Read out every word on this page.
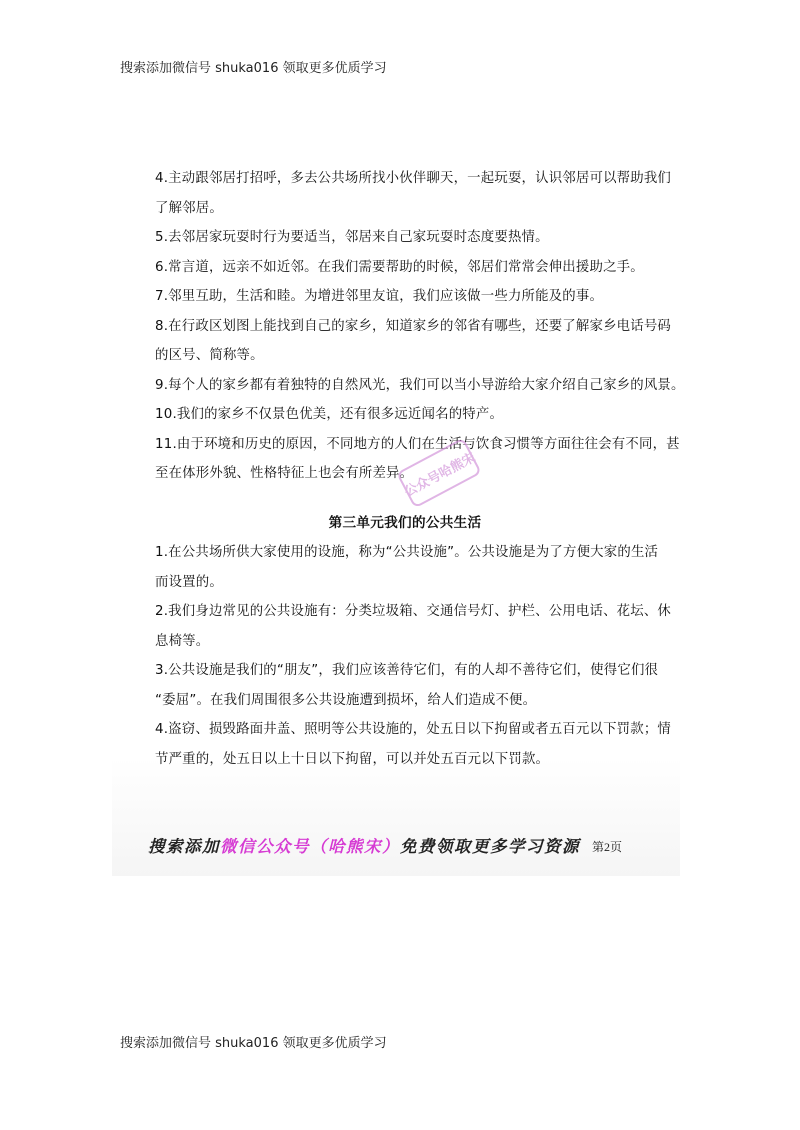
搜索添加微信号 shuka016 领取更多优质学习
4.主动跟邻居打招呼，多去公共场所找小伙伴聊天，一起玩耍，认识邻居可以帮助我们
了解邻居。
5.去邻居家玩耍时行为要适当，邻居来自己家玩耍时态度要热情。
6.常言道，远亲不如近邻。在我们需要帮助的时候，邻居们常常会伸出援助之手。
7.邻里互助，生活和睦。为增进邻里友谊，我们应该做一些力所能及的事。
8.在行政区划图上能找到自己的家乡，知道家乡的邻省有哪些，还要了解家乡电话号码
的区号、简称等。
9.每个人的家乡都有着独特的自然风光，我们可以当小导游给大家介绍自己家乡的风景。
10.我们的家乡不仅景色优美，还有很多远近闻名的特产。
11.由于环境和历史的原因，不同地方的人们在生活与饮食习惯等方面往往会有不同，甚
至在体形外貌、性格特征上也会有所差异。
第三单元我们的公共生活
1.在公共场所供大家使用的设施，称为“公共设施”。公共设施是为了方便大家的生活
而设置的。
2.我们身边常见的公共设施有：分类垃圾箱、交通信号灯、护栏、公用电话、花坛、休
息椅等。
3.公共设施是我们的“朋友”，我们应该善待它们，有的人却不善待它们，使得它们很
“委屈”。在我们周围很多公共设施遭到损坏，给人们造成不便。
4.盗窃、损毁路面井盖、照明等公共设施的，处五日以下拘留或者五百元以下罚款；情
节严重的，处五日以上十日以下拘留，可以并处五百元以下罚款。
公众号哈熊宋
搜索添加微信公众号（哈熊宋）免费领取更多学习资源	第2页
搜索添加微信号 shuka016 领取更多优质学习
